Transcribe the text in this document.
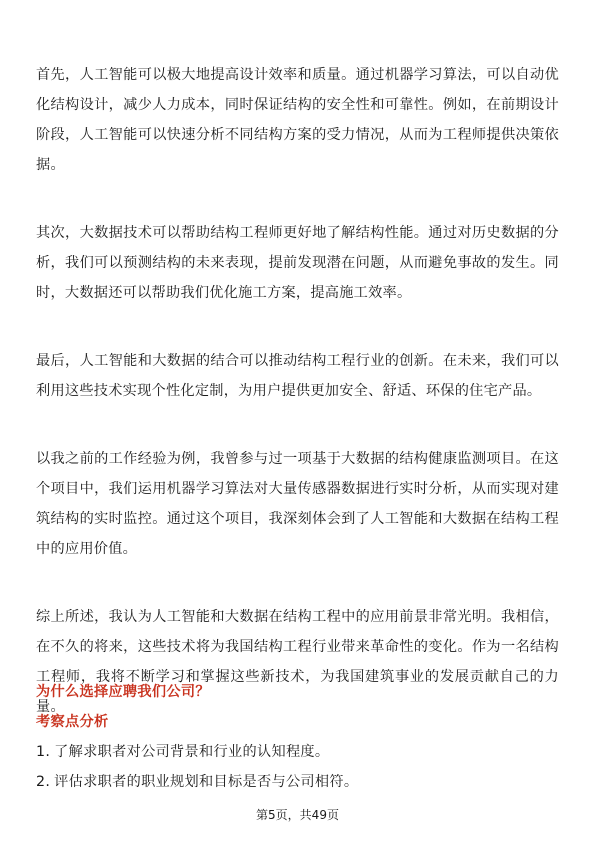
首先，人工智能可以极大地提高设计效率和质量。通过机器学习算法，可以自动优化结构设计，减少人力成本，同时保证结构的安全性和可靠性。例如，在前期设计阶段，人工智能可以快速分析不同结构方案的受力情况，从而为工程师提供决策依据。

其次，大数据技术可以帮助结构工程师更好地了解结构性能。通过对历史数据的分析，我们可以预测结构的未来表现，提前发现潜在问题，从而避免事故的发生。同时，大数据还可以帮助我们优化施工方案，提高施工效率。

最后，人工智能和大数据的结合可以推动结构工程行业的创新。在未来，我们可以利用这些技术实现个性化定制，为用户提供更加安全、舒适、环保的住宅产品。

以我之前的工作经验为例，我曾参与过一项基于大数据的结构健康监测项目。在这个项目中，我们运用机器学习算法对大量传感器数据进行实时分析，从而实现对建筑结构的实时监控。通过这个项目，我深刻体会到了人工智能和大数据在结构工程中的应用价值。

综上所述，我认为人工智能和大数据在结构工程中的应用前景非常光明。我相信，在不久的将来，这些技术将为我国结构工程行业带来革命性的变化。作为一名结构工程师，我将不断学习和掌握这些新技术，为我国建筑事业的发展贡献自己的力量。

为什么选择应聘我们公司？

考察点分析

1. 了解求职者对公司背景和行业的认知程度。

2. 评估求职者的职业规划和目标是否与公司相符。

第5页，共49页
